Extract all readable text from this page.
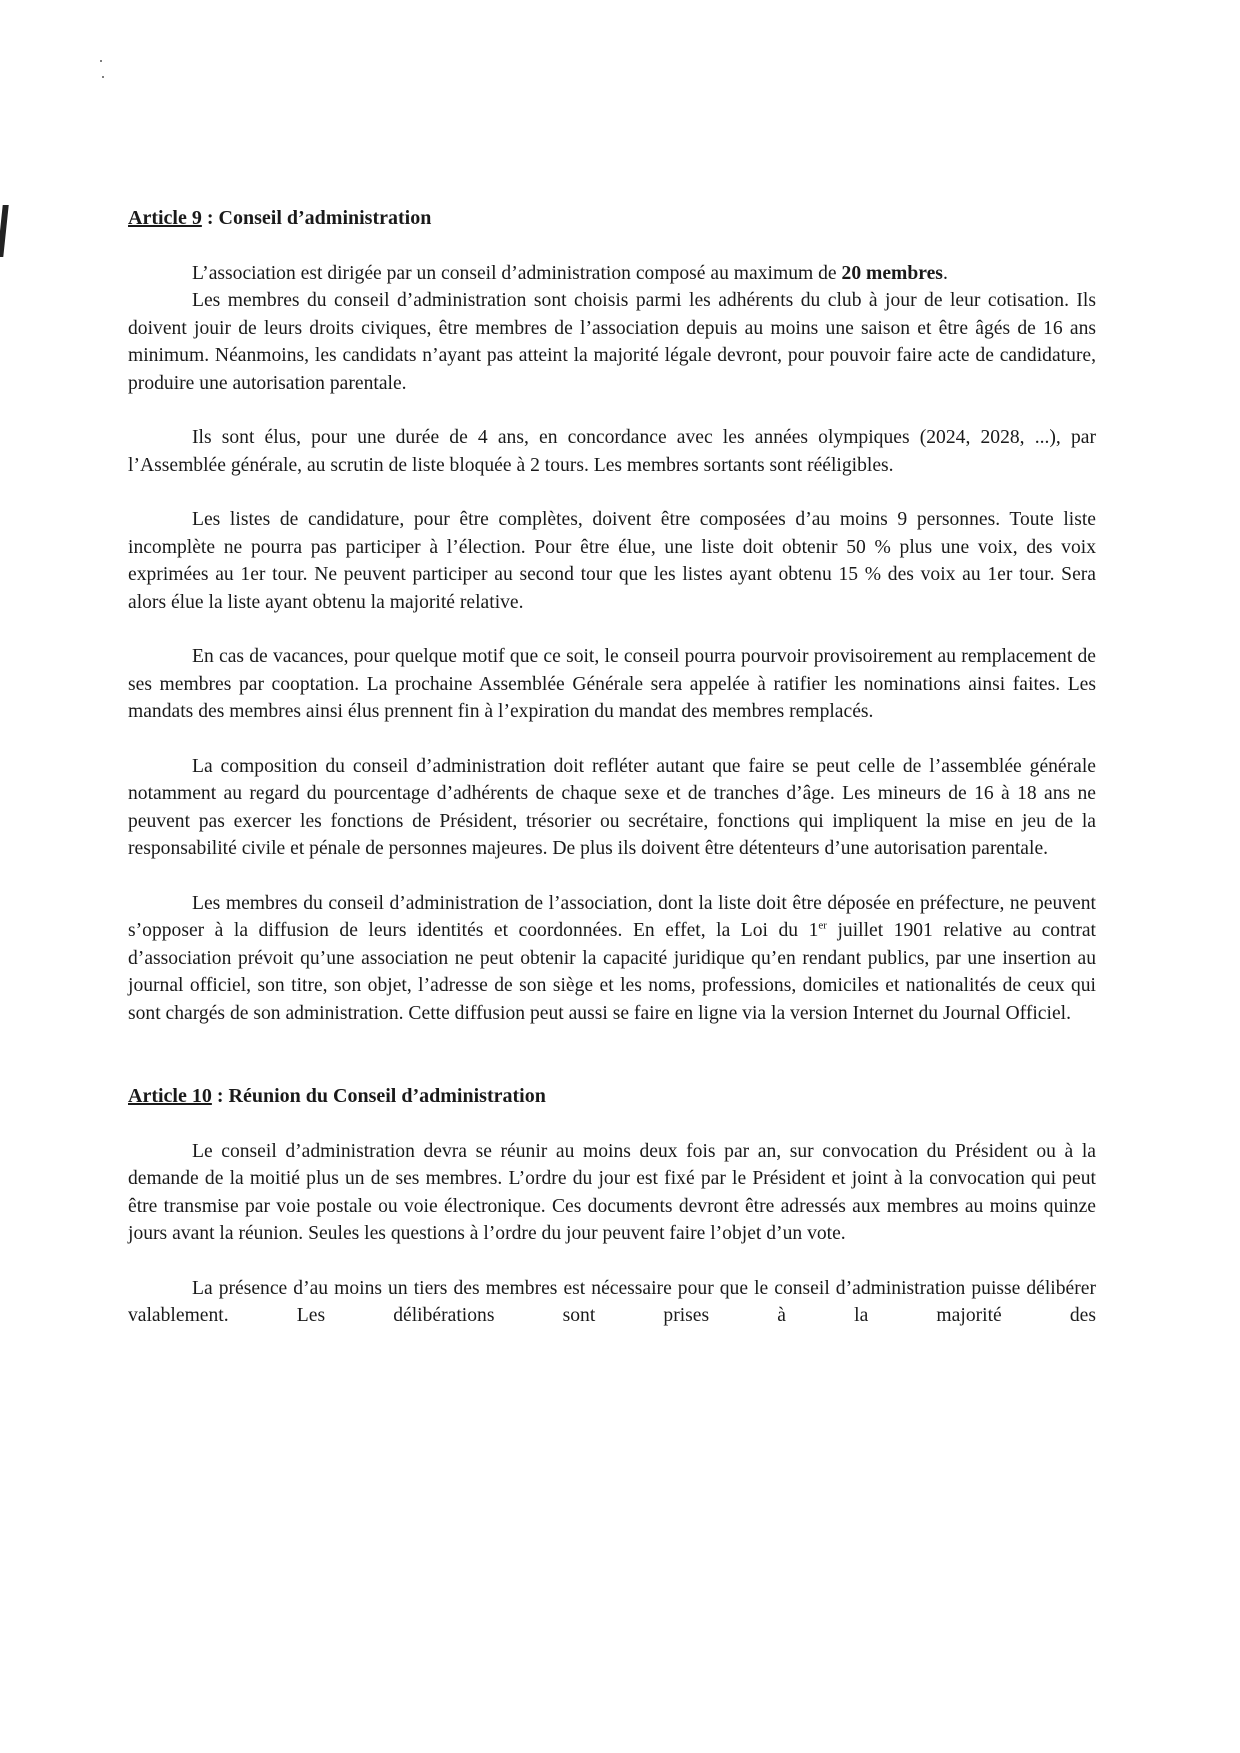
Article 9 : Conseil d’administration

L’association est dirigée par un conseil d’administration composé au maximum de 20 membres.

Les membres du conseil d’administration sont choisis parmi les adhérents du club à jour de leur cotisation. Ils doivent jouir de leurs droits civiques, être membres de l’association depuis au moins une saison et être âgés de 16 ans minimum. Néanmoins, les candidats n’ayant pas atteint la majorité légale devront, pour pouvoir faire acte de candidature, produire une autorisation parentale.

Ils sont élus, pour une durée de 4 ans, en concordance avec les années olympiques (2024, 2028, ...), par l’Assemblée générale, au scrutin de liste bloquée à 2 tours. Les membres sortants sont rééligibles.

Les listes de candidature, pour être complètes, doivent être composées d’au moins 9 personnes. Toute liste incomplète ne pourra pas participer à l’élection. Pour être élue, une liste doit obtenir 50 % plus une voix, des voix exprimées au 1er tour. Ne peuvent participer au second tour que les listes ayant obtenu 15 % des voix au 1er tour. Sera alors élue la liste ayant obtenu la majorité relative.

En cas de vacances, pour quelque motif que ce soit, le conseil pourra pourvoir provisoirement au remplacement de ses membres par cooptation. La prochaine Assemblée Générale sera appelée à ratifier les nominations ainsi faites. Les mandats des membres ainsi élus prennent fin à l’expiration du mandat des membres remplacés.

La composition du conseil d’administration doit refléter autant que faire se peut celle de l’assemblée générale notamment au regard du pourcentage d’adhérents de chaque sexe et de tranches d’âge. Les mineurs de 16 à 18 ans ne peuvent pas exercer les fonctions de Président, trésorier ou secrétaire, fonctions qui impliquent la mise en jeu de la responsabilité civile et pénale de personnes majeures. De plus ils doivent être détenteurs d’une autorisation parentale.

Les membres du conseil d’administration de l’association, dont la liste doit être déposée en préfecture, ne peuvent s’opposer à la diffusion de leurs identités et coordonnées. En effet, la Loi du 1er juillet 1901 relative au contrat d’association prévoit qu’une association ne peut obtenir la capacité juridique qu’en rendant publics, par une insertion au journal officiel, son titre, son objet, l’adresse de son siège et les noms, professions, domiciles et nationalités de ceux qui sont chargés de son administration. Cette diffusion peut aussi se faire en ligne via la version Internet du Journal Officiel.

Article 10 : Réunion du Conseil d’administration

Le conseil d’administration devra se réunir au moins deux fois par an, sur convocation du Président ou à la demande de la moitié plus un de ses membres. L’ordre du jour est fixé par le Président et joint à la convocation qui peut être transmise par voie postale ou voie électronique. Ces documents devront être adressés aux membres au moins quinze jours avant la réunion. Seules les questions à l’ordre du jour peuvent faire l’objet d’un vote.

La présence d’au moins un tiers des membres est nécessaire pour que le conseil d’administration puisse délibérer valablement. Les délibérations sont prises à la majorité des
